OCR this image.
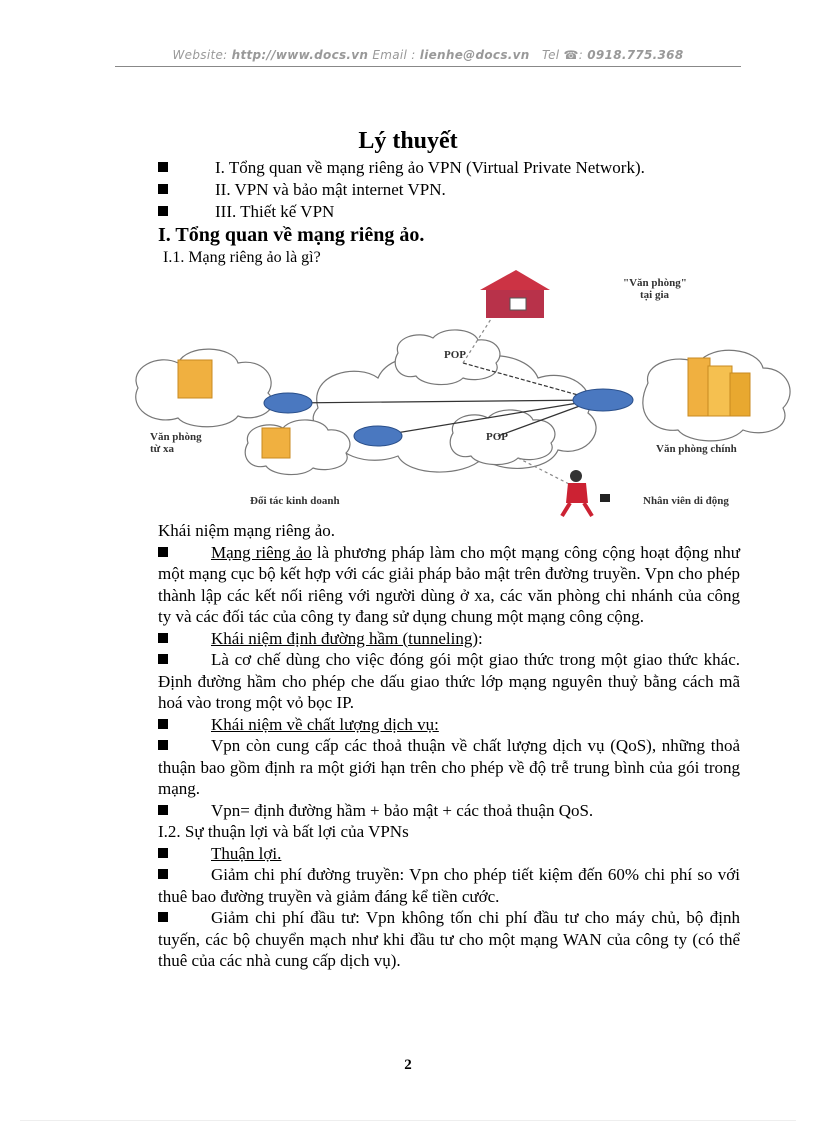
Website: http://www.docs.vn Email : lienhe@docs.vn Tel ☎: 0918.775.368
Lý thuyết
I. Tổng quan về mạng riêng ảo VPN (Virtual Private Network).
II. VPN và bảo mật internet VPN.
III. Thiết kế VPN
I. Tổng quan về mạng riêng ảo.
I.1. Mạng riêng ảo là gì?
"Văn phòng"
tại gia
POP
POP
Văn phòng
từ xa	Văn phòng chính
Đối tác kinh doanh	Nhân viên di động

Khái niệm mạng riêng ảo.

Mạng riêng ảo là phương pháp làm cho một mạng công cộng hoạt động như một mạng cục bộ kết hợp với các giải pháp bảo mật trên đường truyền. Vpn cho phép thành lập các kết nối riêng với người dùng ở xa, các văn phòng chi nhánh của công ty và các đối tác của công ty đang sử dụng chung một mạng công cộng.

Khái niệm định đường hầm (tunneling):

Là cơ chế dùng cho việc đóng gói một giao thức trong một giao thức khác. Định đường hầm cho phép che dấu giao thức lớp mạng nguyên thuỷ bằng cách mã hoá vào trong một vỏ bọc IP.

Khái niệm về chất lượng dịch vụ:

Vpn còn cung cấp các thoả thuận về chất lượng dịch vụ (QoS), những thoả thuận bao gồm định ra một giới hạn trên cho phép về độ trễ trung bình của gói trong mạng.

Vpn= định đường hầm + bảo mật + các thoả thuận QoS.

I.2. Sự thuận lợi và bất lợi của VPNs

Thuận lợi.

Giảm chi phí đường truyền: Vpn cho phép tiết kiệm đến 60% chi phí so với thuê bao đường truyền và giảm đáng kể tiền cước.

Giảm chi phí đầu tư: Vpn không tốn chi phí đầu tư cho máy chủ, bộ định tuyến, các bộ chuyển mạch như khi đầu tư cho một mạng WAN của công ty (có thể thuê của các nhà cung cấp dịch vụ).

2
